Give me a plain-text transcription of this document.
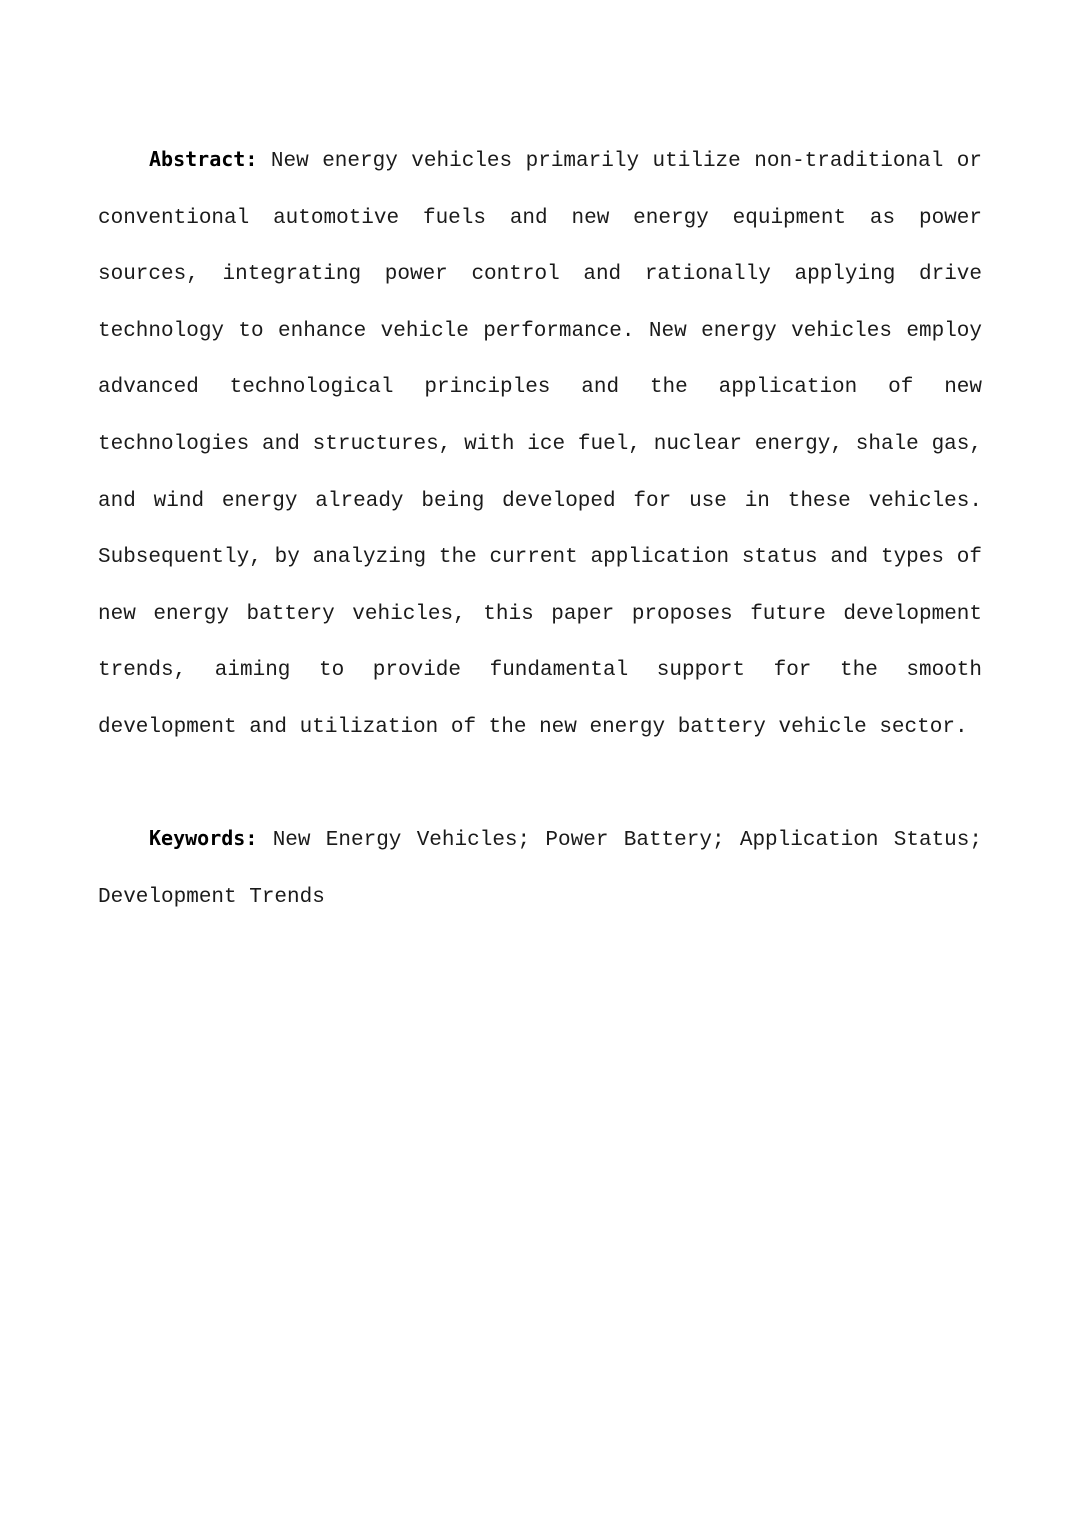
Abstract: New energy vehicles primarily utilize non-traditional or conventional automotive fuels and new energy equipment as power sources, integrating power control and rationally applying drive technology to enhance vehicle performance. New energy vehicles employ advanced technological principles and the application of new technologies and structures, with ice fuel, nuclear energy, shale gas, and wind energy already being developed for use in these vehicles. Subsequently, by analyzing the current application status and types of new energy battery vehicles, this paper proposes future development trends, aiming to provide fundamental support for the smooth development and utilization of the new energy battery vehicle sector.

Keywords: New Energy Vehicles; Power Battery; Application Status; Development Trends
